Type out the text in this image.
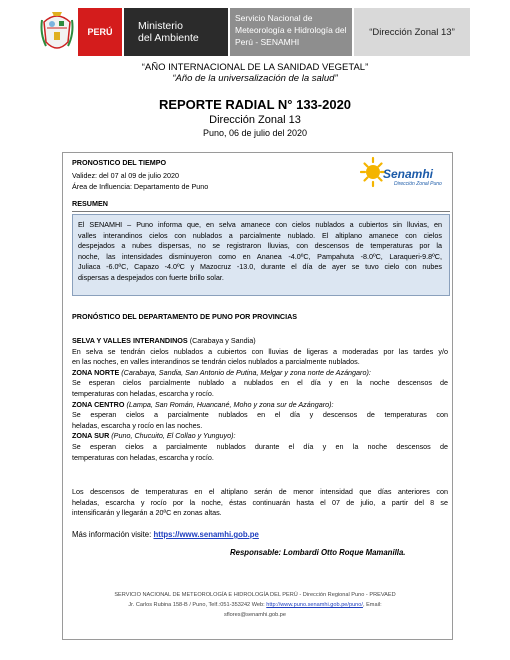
PERÚ	Ministerio
del Ambiente
Servicio Nacional de
Meteorología e Hidrología del
Perú - SENAMHI
“Dirección Zonal 13”
“AÑO INTERNACIONAL DE LA SANIDAD VEGETAL”
“Año de la universalización de la salud”
REPORTE RADIAL N° 133-2020
Dirección Zonal 13
Puno, 06 de julio del 2020
PRONOSTICO DEL TIEMPO
Validez: del 07 al 09 de julio 2020
Área de Influencia: Departamento de Puno
Senamhi
Dirección Zonal Puno
RESUMEN
El SENAMHI – Puno informa que, en selva amanece con cielos nublados a cubiertos sin lluvias, en
valles interandinos cielos con nublados a parcialmente nublado. El altiplano amanece con cielos
despejados a nubes dispersas, no se registraron lluvias, con descensos de temperaturas por la
noche, las intensidades disminuyeron como en Ananea -4.0ºC, Pampahuta -8.0ºC, Laraqueri-9.8ºC,
Juliaca -6.0ºC, Capazo -4.0ºC y Mazocruz -13.0, durante el día de ayer se tuvo cielo con nubes
dispersas a despejados con fuerte brillo solar.
PRONÓSTICO DEL DEPARTAMENTO DE PUNO POR PROVINCIAS
SELVA Y VALLES INTERANDINOS (Carabaya y Sandia)
En selva se tendrán cielos nublados a cubiertos con lluvias de ligeras a moderadas por las tardes y/o
en las noches, en valles interandinos se tendrán cielos nublados a parcialmente nublados.
ZONA NORTE (Carabaya, Sandia, San Antonio de Putina, Melgar y zona norte de Azángaro):
Se esperan cielos parcialmente nublado a nublados en el día y en la noche descensos de
temperaturas con heladas, escarcha y rocío.
ZONA CENTRO (Lampa, San Román, Huancané, Moho y zona sur de Azángaro):
Se esperan cielos a parcialmente nublados en el día y descensos de temperaturas con
heladas, escarcha y rocío en las noches.
ZONA SUR (Puno, Chucuito, El Collao y Yunguyo):
Se esperan cielos a parcialmente nublados durante el día y en la noche descensos de
temperaturas con heladas, escarcha y rocío.
Los descensos de temperaturas en el altiplano serán de menor intensidad que días anteriores con
heladas, escarcha y rocío por la noche, éstas continuarán hasta el 07 de julio, a partir del 8 se
intensificarán y llegarán a 20ºC en zonas altas.
Más información visite: https://www.senamhi.gob.pe
Responsable: Lombardi Otto Roque Mamanilla.
SERVICIO NACIONAL DE METEOROLOGÍA E HIDROLOGÍA DEL PERÚ - Dirección Regional Puno - PREVAED
Jr. Carlos Rubina 158-B / Puno, Telf.:051-353242 Web: http://www.puno.senamhi.gob.pe/puno/, Email:
sflores@senamhi.gob.pe
